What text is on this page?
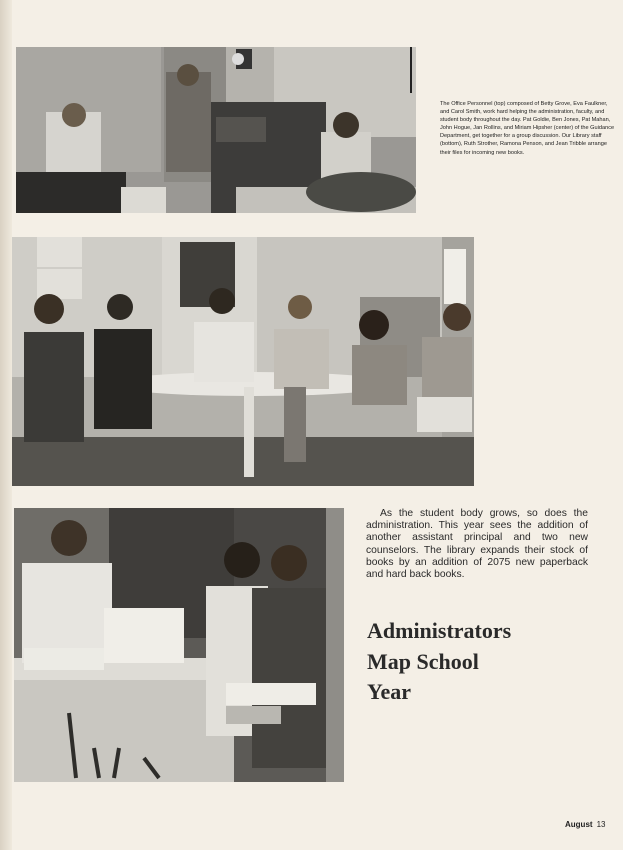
The Office Personnel (top) composed of Betty Grove, Eva Faulkner, and Carol Smith, work hard helping the administration, faculty, and student body throughout the day. Pat Goldie, Ben Jones, Pat Mahan, John Hogue, Jan Rollins, and Miriam Hipsher (center) of the Guidance Department, get together for a group discussion. Our Library staff (bottom), Ruth Strother, Ramona Penson, and Jean Tribble arrange their files for incoming new books.
As the student body grows, so does the administration. This year sees the addition of another assistant principal and two new counselors. The library expands their stock of books by an addition of 2075 new paperback and hard back books.
Administrators
Map School
Year
August 13
